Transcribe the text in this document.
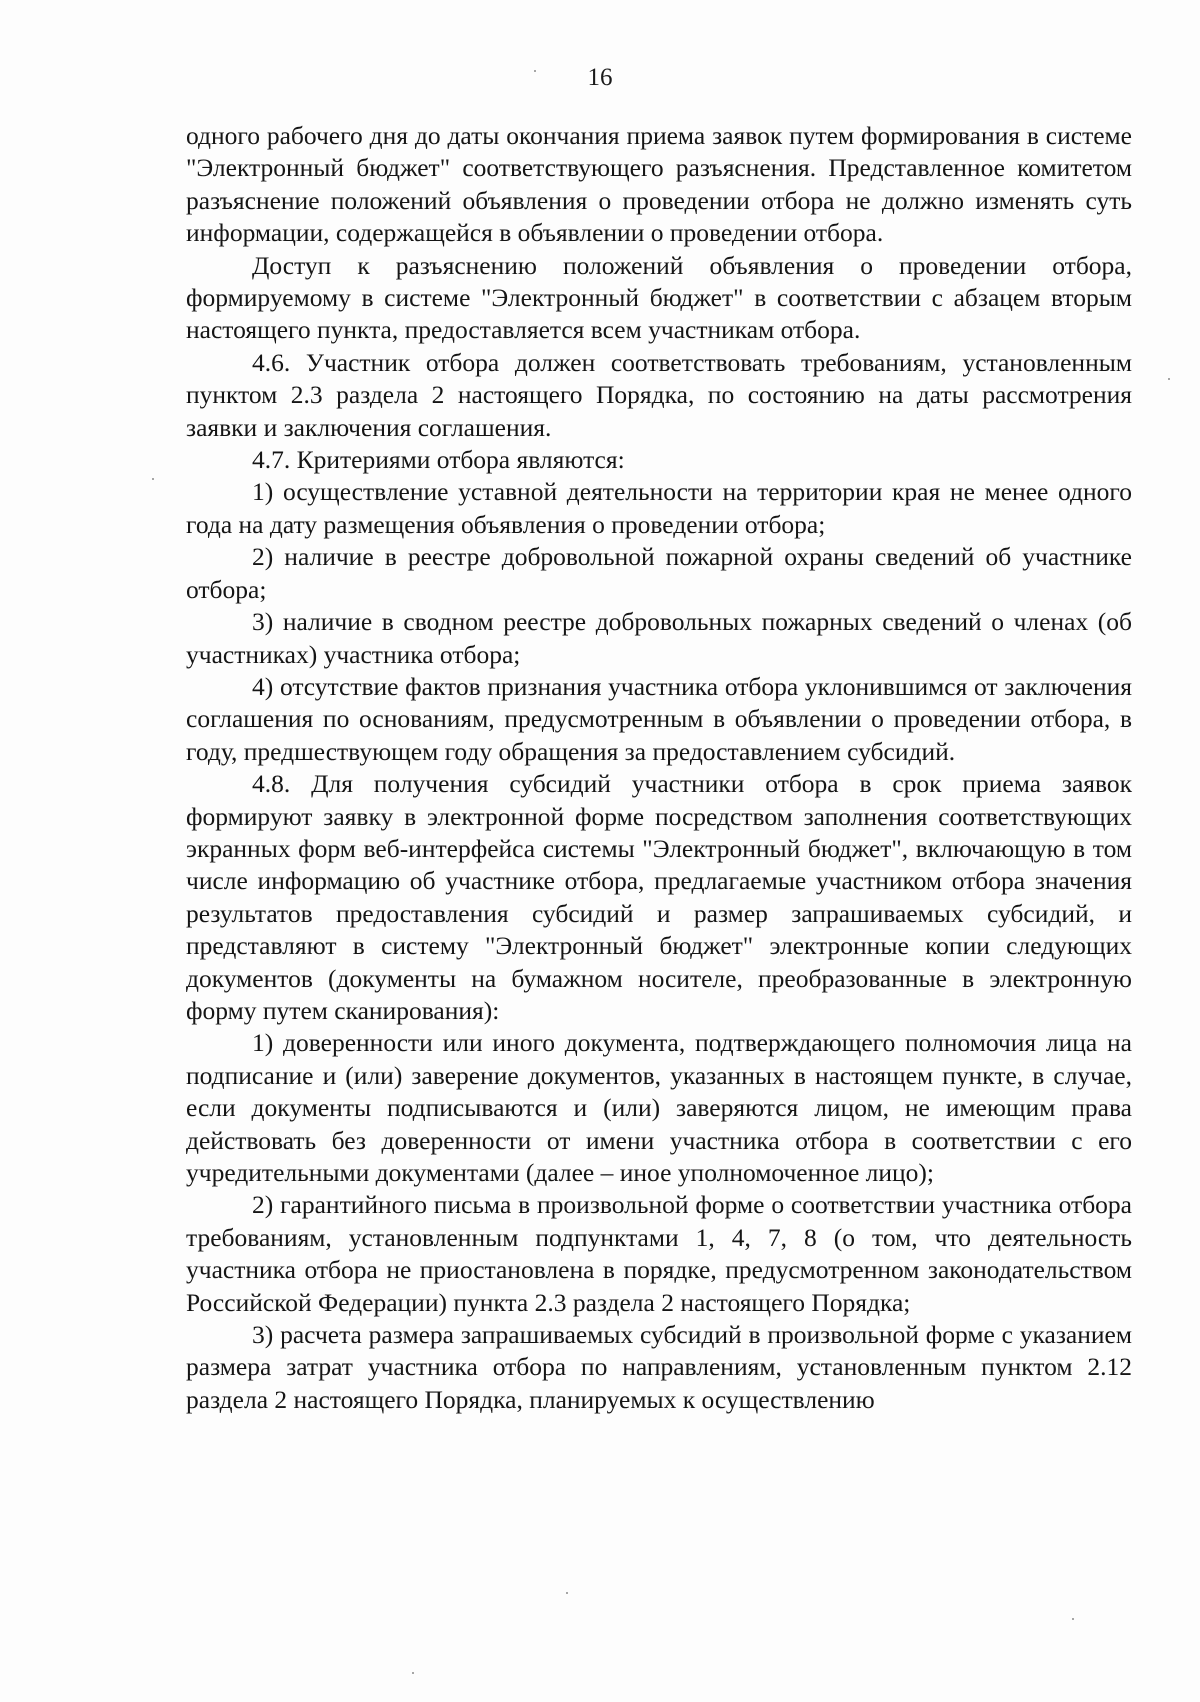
16

одного рабочего дня до даты окончания приема заявок путем формирования в системе "Электронный бюджет" соответствующего разъяснения. Представленное комитетом разъяснение положений объявления о проведении отбора не должно изменять суть информации, содержащейся в объявлении о проведении отбора.

Доступ к разъяснению положений объявления о проведении отбора, формируемому в системе "Электронный бюджет" в соответствии с абзацем вторым настоящего пункта, предоставляется всем участникам отбора.

4.6. Участник отбора должен соответствовать требованиям, установленным пунктом 2.3 раздела 2 настоящего Порядка, по состоянию на даты рассмотрения заявки и заключения соглашения.

4.7. Критериями отбора являются:

1) осуществление уставной деятельности на территории края не менее одного года на дату размещения объявления о проведении отбора;

2) наличие в реестре добровольной пожарной охраны сведений об участнике отбора;

3) наличие в сводном реестре добровольных пожарных сведений о членах (об участниках) участника отбора;

4) отсутствие фактов признания участника отбора уклонившимся от заключения соглашения по основаниям, предусмотренным в объявлении о проведении отбора, в году, предшествующем году обращения за предоставлением субсидий.

4.8. Для получения субсидий участники отбора в срок приема заявок формируют заявку в электронной форме посредством заполнения соответствующих экранных форм веб-интерфейса системы "Электронный бюджет", включающую в том числе информацию об участнике отбора, предлагаемые участником отбора значения результатов предоставления субсидий и размер запрашиваемых субсидий, и представляют в систему "Электронный бюджет" электронные копии следующих документов (документы на бумажном носителе, преобразованные в электронную форму путем сканирования):

1) доверенности или иного документа, подтверждающего полномочия лица на подписание и (или) заверение документов, указанных в настоящем пункте, в случае, если документы подписываются и (или) заверяются лицом, не имеющим права действовать без доверенности от имени участника отбора в соответствии с его учредительными документами (далее – иное уполномоченное лицо);

2) гарантийного письма в произвольной форме о соответствии участника отбора требованиям, установленным подпунктами 1, 4, 7, 8 (о том, что деятельность участника отбора не приостановлена в порядке, предусмотренном законодательством Российской Федерации) пункта 2.3 раздела 2 настоящего Порядка;

3) расчета размера запрашиваемых субсидий в произвольной форме с указанием размера затрат участника отбора по направлениям, установленным пунктом 2.12 раздела 2 настоящего Порядка, планируемых к осуществлению
